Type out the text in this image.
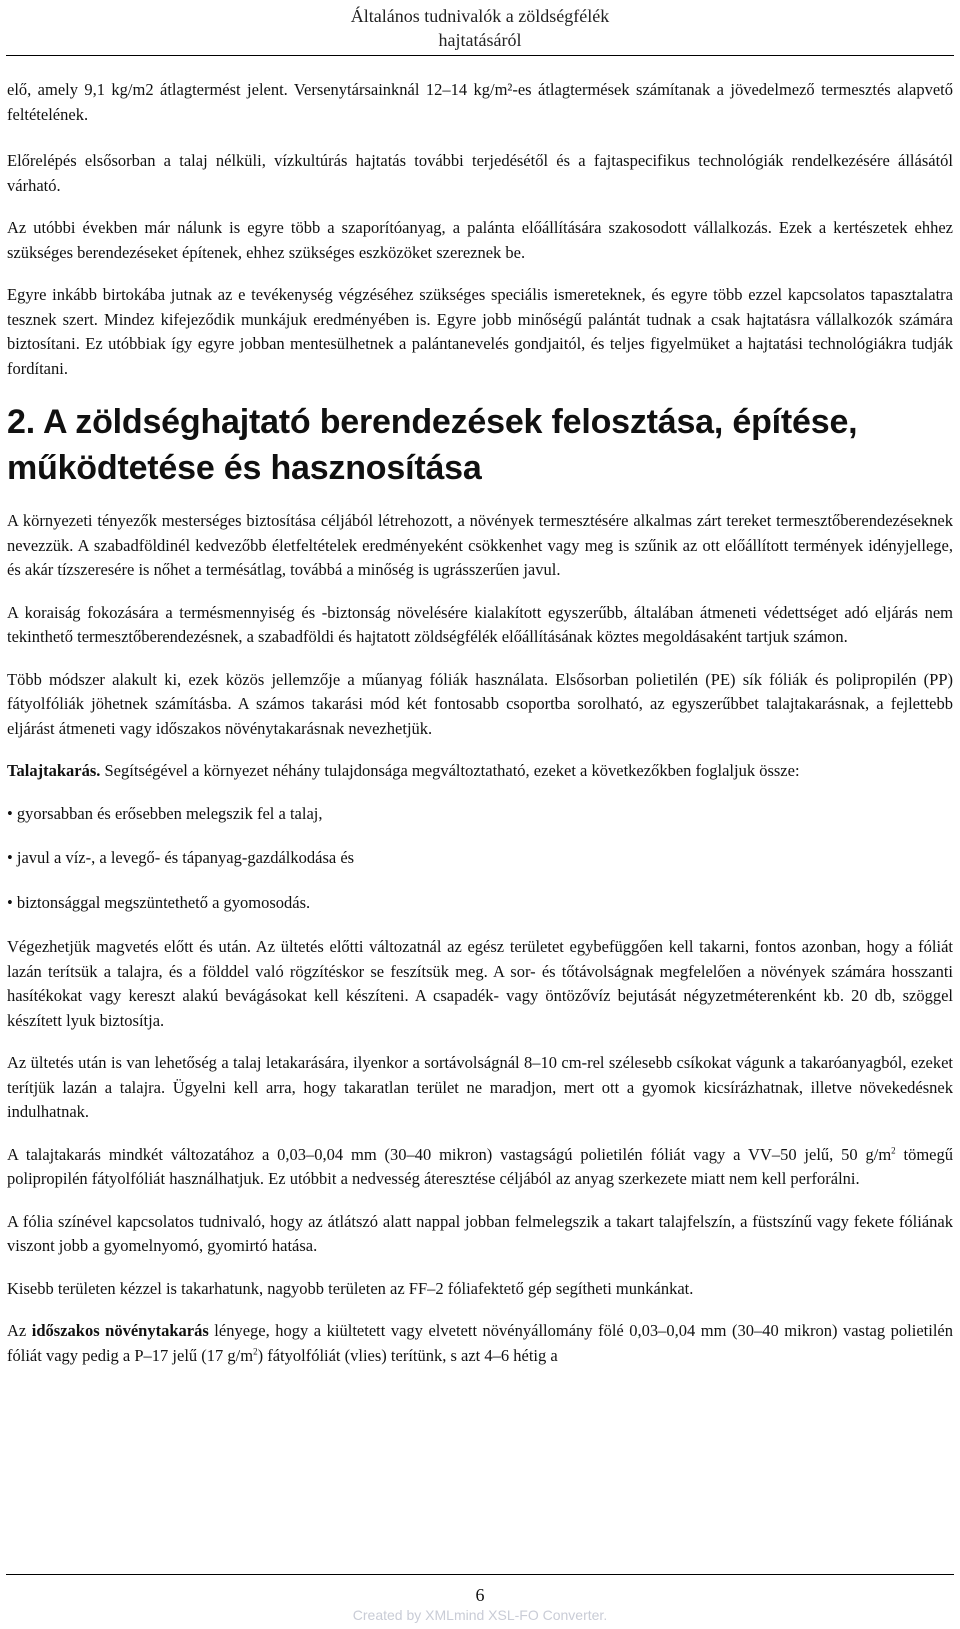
Általános tudnivalók a zöldségfélék
hajtatásáról

elő, amely 9,1 kg/m2 átlagtermést jelent. Versenytársainknál 12–14 kg/m²-es átlagtermések számítanak a jövedelmező termesztés alapvető feltételének.

Előrelépés elsősorban a talaj nélküli, vízkultúrás hajtatás további terjedésétől és a fajtaspecifikus technológiák rendelkezésére állásától várható.

Az utóbbi években már nálunk is egyre több a szaporítóanyag, a palánta előállítására szakosodott vállalkozás. Ezek a kertészetek ehhez szükséges berendezéseket építenek, ehhez szükséges eszközöket szereznek be.

Egyre inkább birtokába jutnak az e tevékenység végzéséhez szükséges speciális ismereteknek, és egyre több ezzel kapcsolatos tapasztalatra tesznek szert. Mindez kifejeződik munkájuk eredményében is. Egyre jobb minőségű palántát tudnak a csak hajtatásra vállalkozók számára biztosítani. Ez utóbbiak így egyre jobban mentesülhetnek a palántanevelés gondjaitól, és teljes figyelmüket a hajtatási technológiákra tudják fordítani.

2. A zöldséghajtató berendezések felosztása, építése, működtetése és hasznosítása

A környezeti tényezők mesterséges biztosítása céljából létrehozott, a növények termesztésére alkalmas zárt tereket termesztőberendezéseknek nevezzük. A szabadföldinél kedvezőbb életfeltételek eredményeként csökkenhet vagy meg is szűnik az ott előállított termények idényjellege, és akár tízszeresére is nőhet a termésátlag, továbbá a minőség is ugrásszerűen javul.

A koraiság fokozására a termésmennyiség és -biztonság növelésére kialakított egyszerűbb, általában átmeneti védettséget adó eljárás nem tekinthető termesztőberendezésnek, a szabadföldi és hajtatott zöldségfélék előállításának köztes megoldásaként tartjuk számon.

Több módszer alakult ki, ezek közös jellemzője a műanyag fóliák használata. Elsősorban polietilén (PE) sík fóliák és polipropilén (PP) fátyolfóliák jöhetnek számításba. A számos takarási mód két fontosabb csoportba sorolható, az egyszerűbbet talajtakarásnak, a fejlettebb eljárást átmeneti vagy időszakos növénytakarásnak nevezhetjük.

Talajtakarás. Segítségével a környezet néhány tulajdonsága megváltoztatható, ezeket a következőkben foglaljuk össze:

• gyorsabban és erősebben melegszik fel a talaj,

• javul a víz-, a levegő- és tápanyag-gazdálkodása és

• biztonsággal megszüntethető a gyomosodás.

Végezhetjük magvetés előtt és után. Az ültetés előtti változatnál az egész területet egybefüggően kell takarni, fontos azonban, hogy a fóliát lazán terítsük a talajra, és a földdel való rögzítéskor se feszítsük meg. A sor- és tőtávolságnak megfelelően a növények számára hosszanti hasítékokat vagy kereszt alakú bevágásokat kell készíteni. A csapadék- vagy öntözővíz bejutását négyzetméterenként kb. 20 db, szöggel készített lyuk biztosítja.

Az ültetés után is van lehetőség a talaj letakarására, ilyenkor a sortávolságnál 8–10 cm-rel szélesebb csíkokat vágunk a takaróanyagból, ezeket terítjük lazán a talajra. Ügyelni kell arra, hogy takaratlan terület ne maradjon, mert ott a gyomok kicsírázhatnak, illetve növekedésnek indulhatnak.

A talajtakarás mindkét változatához a 0,03–0,04 mm (30–40 mikron) vastagságú polietilén fóliát vagy a VV–50 jelű, 50 $g/m^2$ tömegű polipropilén fátyolfóliát használhatjuk. Ez utóbbit a nedvesség áteresztése céljából az anyag szerkezete miatt nem kell perforálni.

A fólia színével kapcsolatos tudnivaló, hogy az átlátszó alatt nappal jobban felmelegszik a takart talajfelszín, a füstszínű vagy fekete fóliának viszont jobb a gyomelnyomó, gyomirtó hatása.

Kisebb területen kézzel is takarhatunk, nagyobb területen az FF–2 fóliafektető gép segítheti munkánkat.

Az időszakos növénytakarás lényege, hogy a kiültetett vagy elvetett növényállomány fölé 0,03–0,04 mm (30–40 mikron) vastag polietilén fóliát vagy pedig a P–17 jelű (17 $g/m^2$) fátyolfóliát (vlies) terítünk, s azt 4–6 hétig a

6
Created by XMLmind XSL-FO Converter.
